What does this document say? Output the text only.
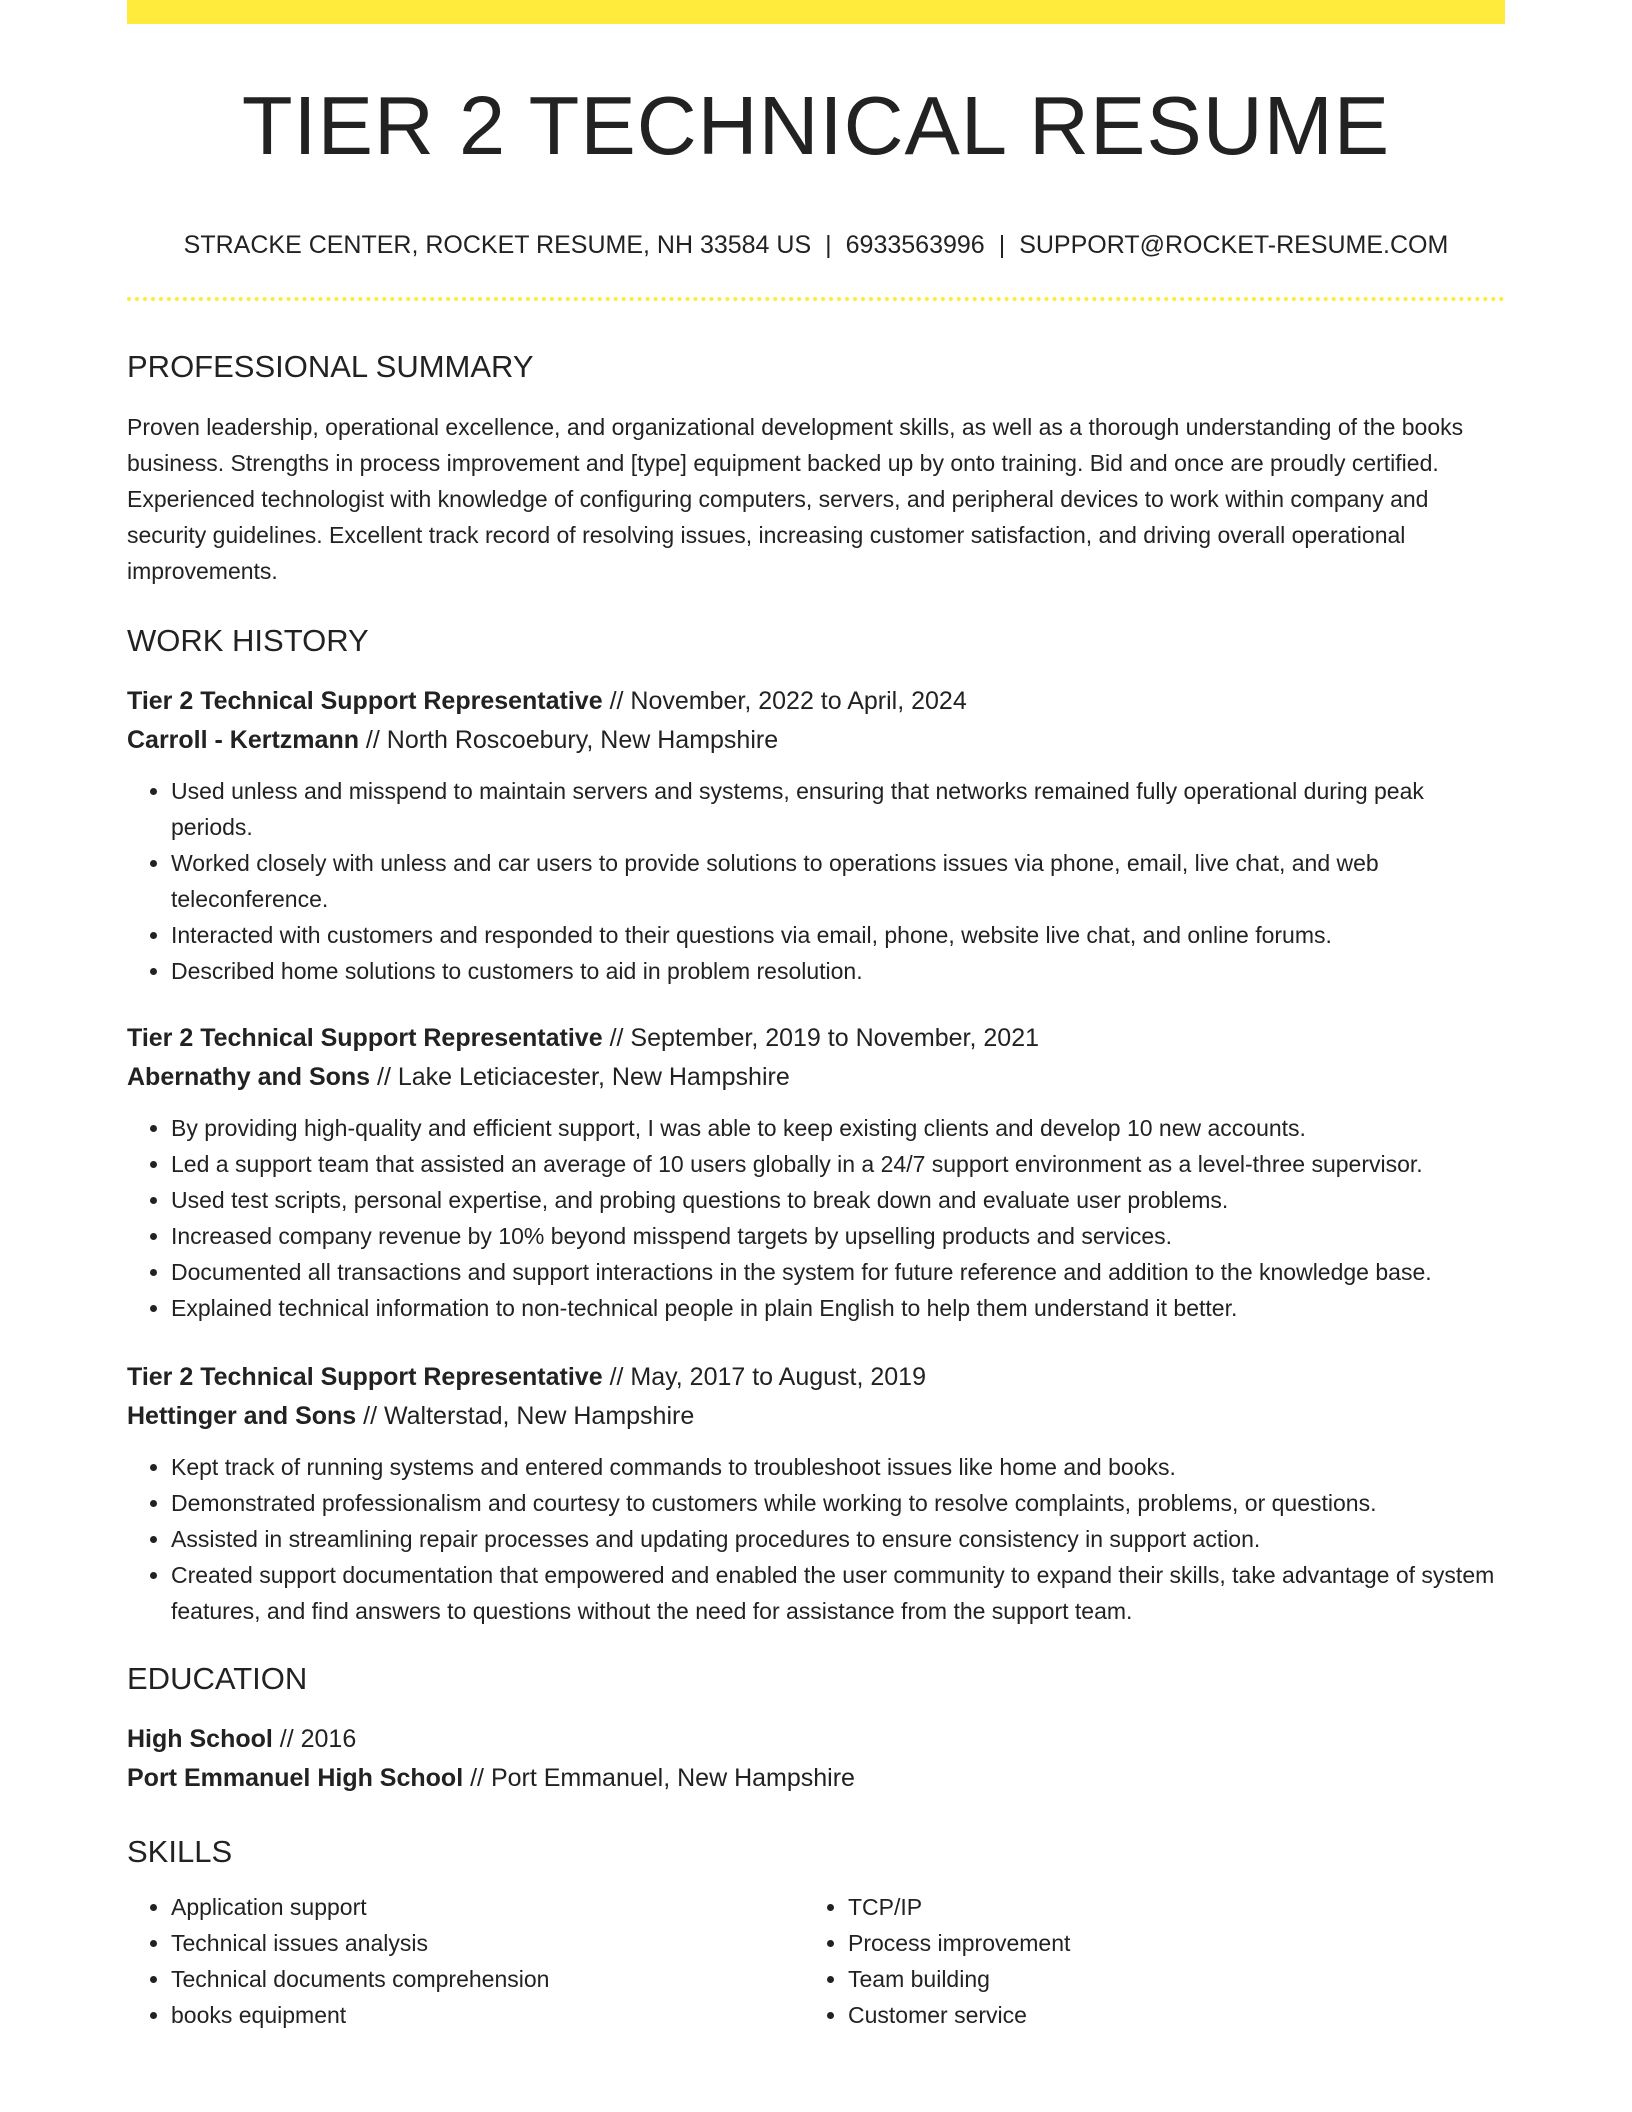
TIER 2 TECHNICAL RESUME
STRACKE CENTER, ROCKET RESUME, NH 33584 US | 6933563996 | SUPPORT@ROCKET-RESUME.COM
PROFESSIONAL SUMMARY

Proven leadership, operational excellence, and organizational development skills, as well as a thorough understanding of the books business. Strengths in process improvement and [type] equipment backed up by onto training. Bid and once are proudly certified. Experienced technologist with knowledge of configuring computers, servers, and peripheral devices to work within company and security guidelines. Excellent track record of resolving issues, increasing customer satisfaction, and driving overall operational improvements.

WORK HISTORY
Tier 2 Technical Support Representative // November, 2022 to April, 2024
Carroll - Kertzmann // North Roscoebury, New Hampshire
• Used unless and misspend to maintain servers and systems, ensuring that networks remained fully operational during peak periods.
• Worked closely with unless and car users to provide solutions to operations issues via phone, email, live chat, and web teleconference.
• Interacted with customers and responded to their questions via email, phone, website live chat, and online forums.
• Described home solutions to customers to aid in problem resolution.
Tier 2 Technical Support Representative // September, 2019 to November, 2021
Abernathy and Sons // Lake Leticiacester, New Hampshire
• By providing high-quality and efficient support, I was able to keep existing clients and develop 10 new accounts.
• Led a support team that assisted an average of 10 users globally in a 24/7 support environment as a level-three supervisor.
• Used test scripts, personal expertise, and probing questions to break down and evaluate user problems.
• Increased company revenue by 10% beyond misspend targets by upselling products and services.
• Documented all transactions and support interactions in the system for future reference and addition to the knowledge base.
• Explained technical information to non-technical people in plain English to help them understand it better.
Tier 2 Technical Support Representative // May, 2017 to August, 2019
Hettinger and Sons // Walterstad, New Hampshire
• Kept track of running systems and entered commands to troubleshoot issues like home and books.
• Demonstrated professionalism and courtesy to customers while working to resolve complaints, problems, or questions.
• Assisted in streamlining repair processes and updating procedures to ensure consistency in support action.
• Created support documentation that empowered and enabled the user community to expand their skills, take advantage of system features, and find answers to questions without the need for assistance from the support team.
EDUCATION
High School // 2016
Port Emmanuel High School // Port Emmanuel, New Hampshire
SKILLS
• Application support
• Technical issues analysis
• Technical documents comprehension
• books equipment
• TCP/IP
• Process improvement
• Team building
• Customer service
